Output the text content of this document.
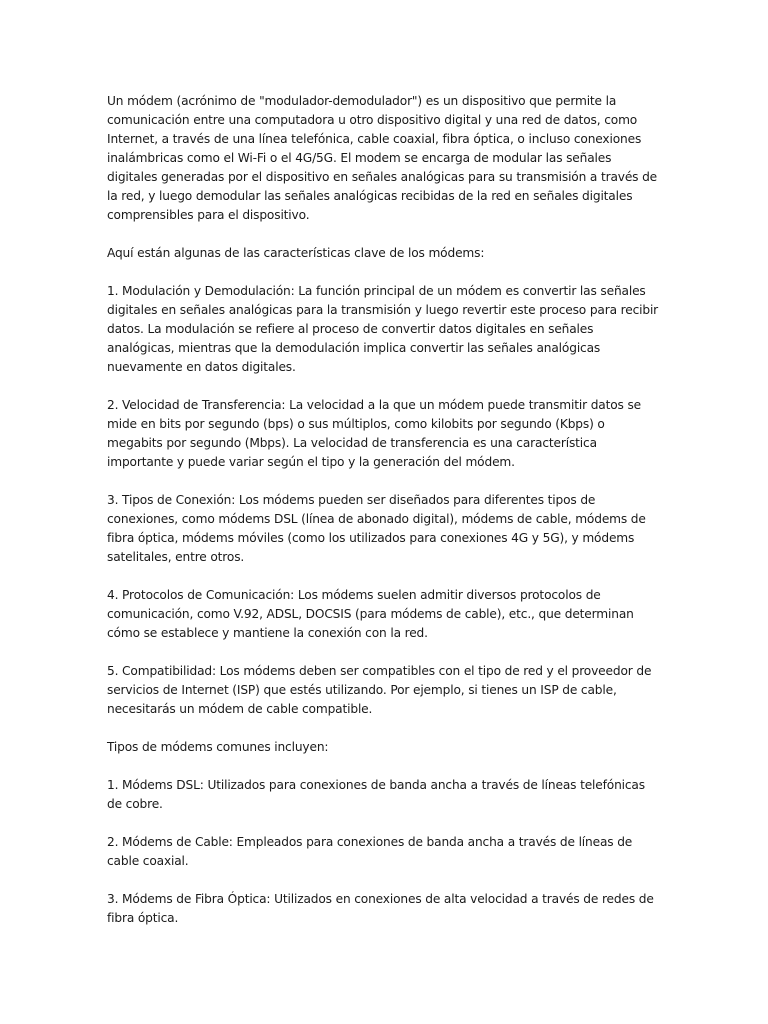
Un módem (acrónimo de "modulador-demodulador") es un dispositivo que permite la comunicación entre una computadora u otro dispositivo digital y una red de datos, como Internet, a través de una línea telefónica, cable coaxial, fibra óptica, o incluso conexiones inalámbricas como el Wi-Fi o el 4G/5G. El modem se encarga de modular las señales digitales generadas por el dispositivo en señales analógicas para su transmisión a través de la red, y luego demodular las señales analógicas recibidas de la red en señales digitales comprensibles para el dispositivo.

Aquí están algunas de las características clave de los módems:

1. Modulación y Demodulación: La función principal de un módem es convertir las señales digitales en señales analógicas para la transmisión y luego revertir este proceso para recibir datos. La modulación se refiere al proceso de convertir datos digitales en señales analógicas, mientras que la demodulación implica convertir las señales analógicas nuevamente en datos digitales.

2. Velocidad de Transferencia: La velocidad a la que un módem puede transmitir datos se mide en bits por segundo (bps) o sus múltiplos, como kilobits por segundo (Kbps) o megabits por segundo (Mbps). La velocidad de transferencia es una característica importante y puede variar según el tipo y la generación del módem.

3. Tipos de Conexión: Los módems pueden ser diseñados para diferentes tipos de conexiones, como módems DSL (línea de abonado digital), módems de cable, módems de fibra óptica, módems móviles (como los utilizados para conexiones 4G y 5G), y módems satelitales, entre otros.

4. Protocolos de Comunicación: Los módems suelen admitir diversos protocolos de comunicación, como V.92, ADSL, DOCSIS (para módems de cable), etc., que determinan cómo se establece y mantiene la conexión con la red.

5. Compatibilidad: Los módems deben ser compatibles con el tipo de red y el proveedor de servicios de Internet (ISP) que estés utilizando. Por ejemplo, si tienes un ISP de cable, necesitarás un módem de cable compatible.

Tipos de módems comunes incluyen:

1. Módems DSL: Utilizados para conexiones de banda ancha a través de líneas telefónicas de cobre.

2. Módems de Cable: Empleados para conexiones de banda ancha a través de líneas de cable coaxial.

3. Módems de Fibra Óptica: Utilizados en conexiones de alta velocidad a través de redes de fibra óptica.
